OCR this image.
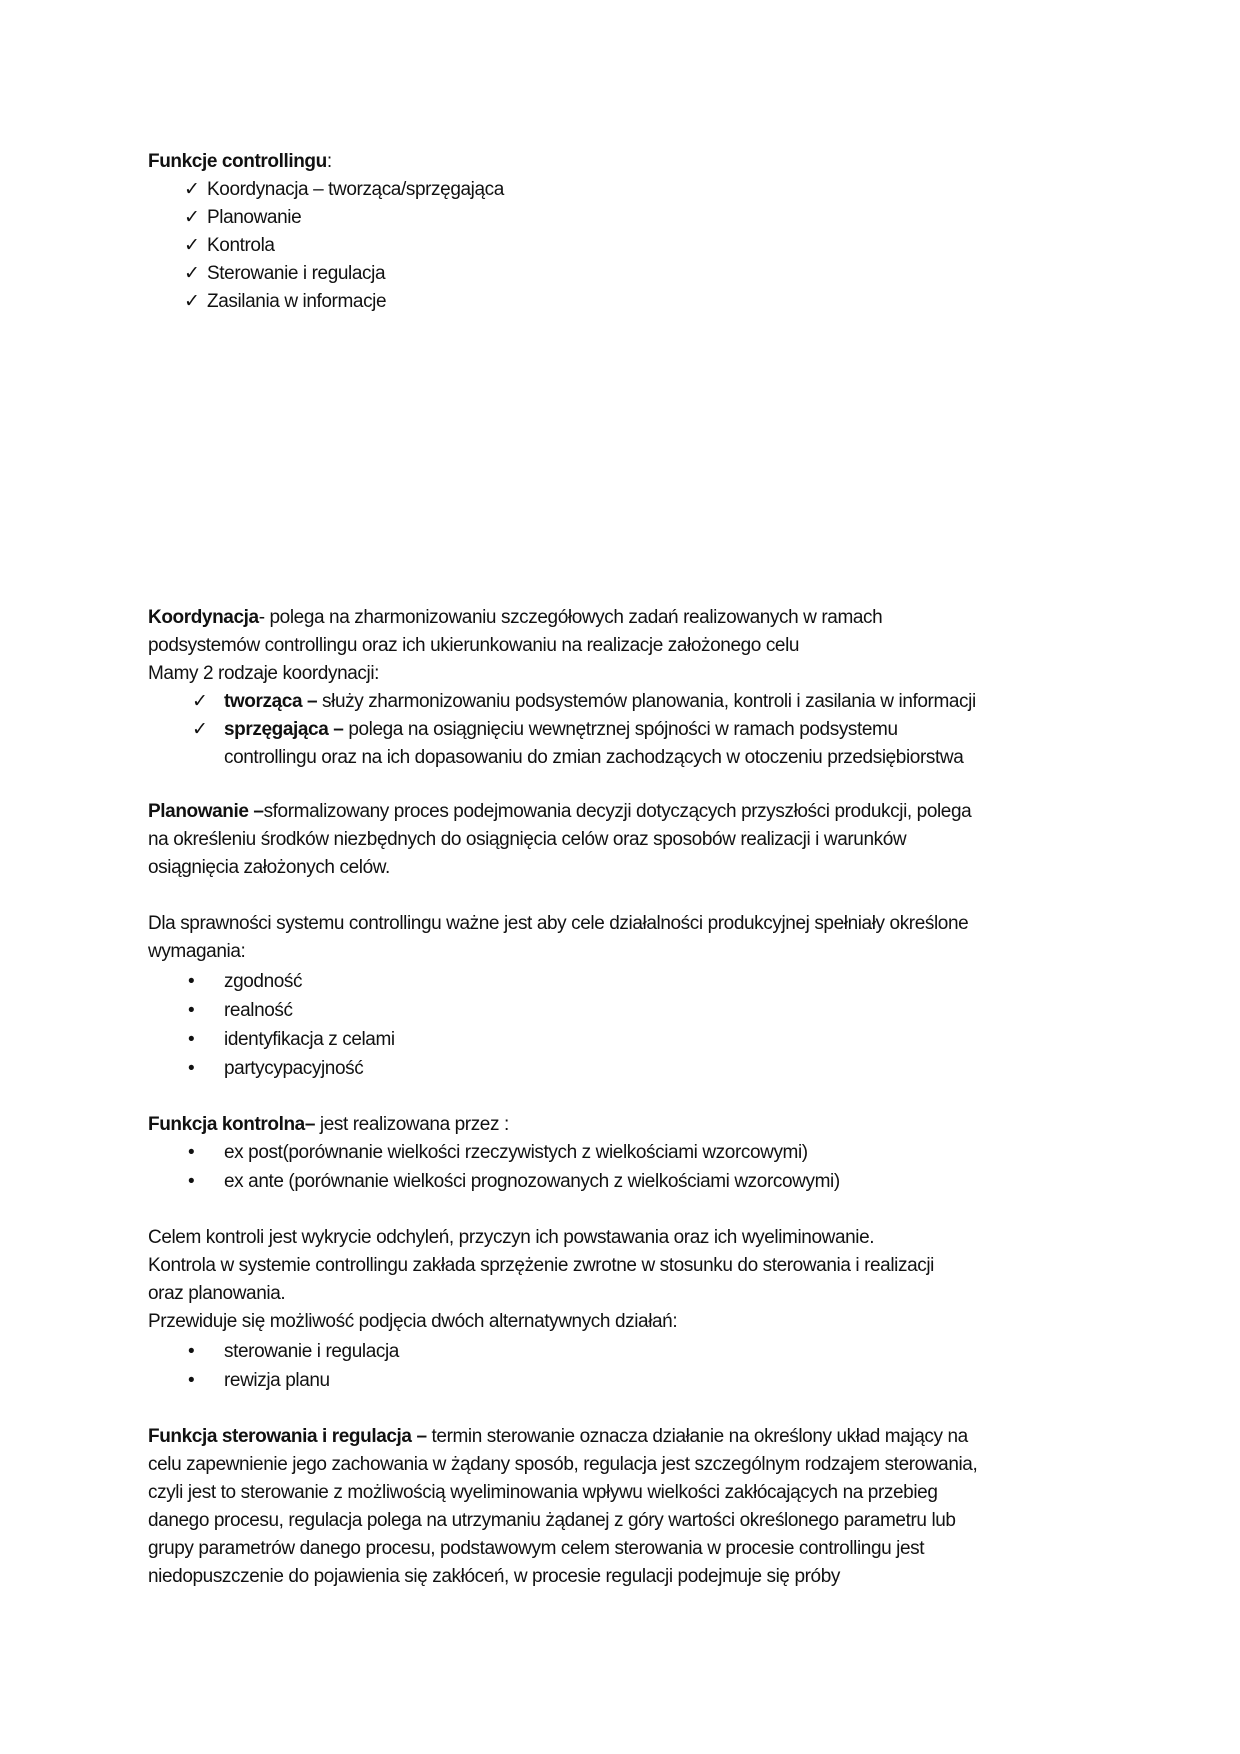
Funkcje controllingu:
✓ Koordynacja – tworząca/sprzęgająca
✓ Planowanie
✓ Kontrola
✓ Sterowanie i regulacja
✓ Zasilania w informacje
Koordynacja- polega na zharmonizowaniu szczegółowych zadań realizowanych w ramach
podsystemów controllingu oraz ich ukierunkowaniu na realizacje założonego celu
Mamy 2 rodzaje koordynacji:
✓ tworząca – służy zharmonizowaniu podsystemów planowania, kontroli i zasilania w informacji
✓ sprzęgająca – polega na osiągnięciu wewnętrznej spójności w ramach podsystemu
controllingu oraz na ich dopasowaniu do zmian zachodzących w otoczeniu przedsiębiorstwa
Planowanie –sformalizowany proces podejmowania decyzji dotyczących przyszłości produkcji, polega
na określeniu środków niezbędnych do osiągnięcia celów oraz sposobów realizacji i warunków
osiągnięcia założonych celów.
Dla sprawności systemu controllingu ważne jest aby cele działalności produkcyjnej spełniały określone
wymagania:
• zgodność
• realność
• identyfikacja z celami
• partycypacyjność
Funkcja kontrolna– jest realizowana przez :
• ex post(porównanie wielkości rzeczywistych z wielkościami wzorcowymi)
• ex ante (porównanie wielkości prognozowanych z wielkościami wzorcowymi)
Celem kontroli jest wykrycie odchyleń, przyczyn ich powstawania oraz ich wyeliminowanie.
Kontrola w systemie controllingu zakłada sprzężenie zwrotne w stosunku do sterowania i realizacji
oraz planowania.
Przewiduje się możliwość podjęcia dwóch alternatywnych działań:
• sterowanie i regulacja
• rewizja planu
Funkcja sterowania i regulacja – termin sterowanie oznacza działanie na określony układ mający na
celu zapewnienie jego zachowania w żądany sposób, regulacja jest szczególnym rodzajem sterowania,
czyli jest to sterowanie z możliwością wyeliminowania wpływu wielkości zakłócających na przebieg
danego procesu, regulacja polega na utrzymaniu żądanej z góry wartości określonego parametru lub
grupy parametrów danego procesu, podstawowym celem sterowania w procesie controllingu jest
niedopuszczenie do pojawienia się zakłóceń, w procesie regulacji podejmuje się próby
